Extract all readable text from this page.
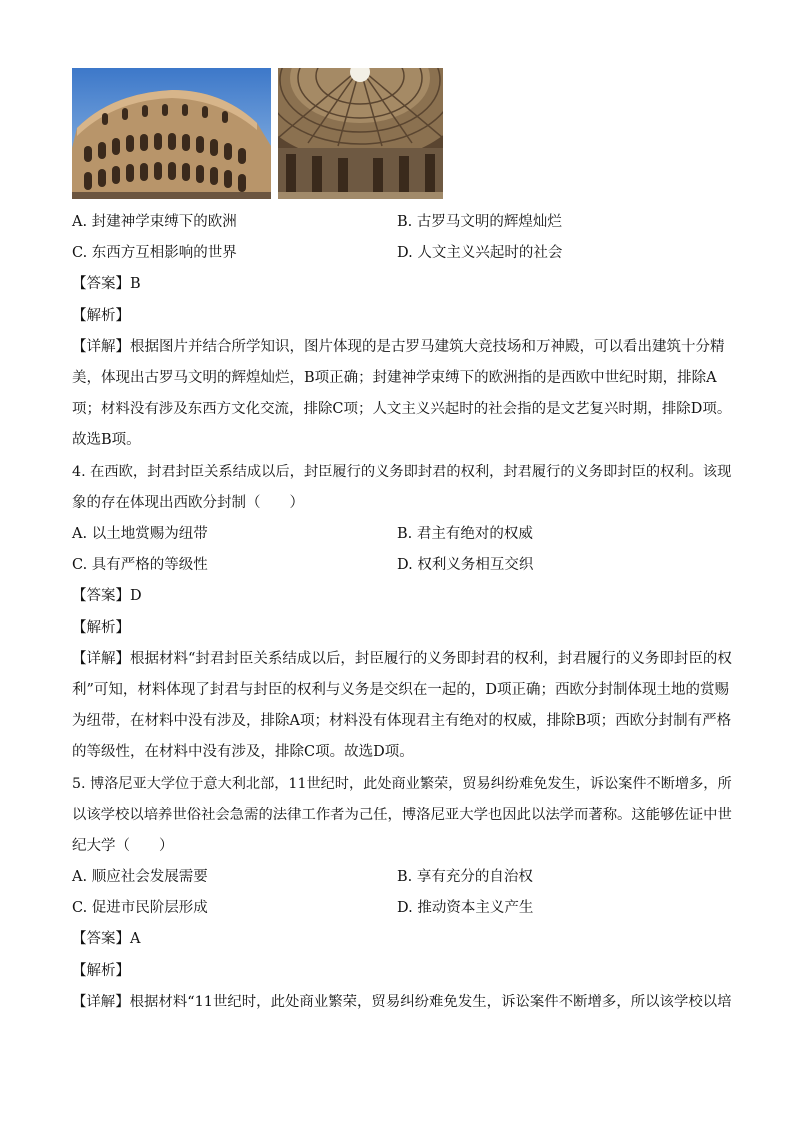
A. 封建神学束缚下的欧洲	B. 古罗马文明的辉煌灿烂
C. 东西方互相影响的世界	D. 人文主义兴起时的社会
【答案】B
【解析】
【详解】根据图片并结合所学知识，图片体现的是古罗马建筑大竞技场和万神殿，可以看出建筑十分精
美，体现出古罗马文明的辉煌灿烂，B项正确；封建神学束缚下的欧洲指的是西欧中世纪时期，排除A
项；材料没有涉及东西方文化交流，排除C项；人文主义兴起时的社会指的是文艺复兴时期，排除D项。
故选B项。
4. 在西欧，封君封臣关系结成以后，封臣履行的义务即封君的权利，封君履行的义务即封臣的权利。该现
象的存在体现出西欧分封制（　　）
A. 以土地赏赐为纽带	B. 君主有绝对的权威
C. 具有严格的等级性	D. 权利义务相互交织
【答案】D
【解析】
【详解】根据材料“封君封臣关系结成以后，封臣履行的义务即封君的权利，封君履行的义务即封臣的权
利”可知，材料体现了封君与封臣的权利与义务是交织在一起的，D项正确；西欧分封制体现土地的赏赐
为纽带，在材料中没有涉及，排除A项；材料没有体现君主有绝对的权威，排除B项；西欧分封制有严格
的等级性，在材料中没有涉及，排除C项。故选D项。
5. 博洛尼亚大学位于意大利北部，11世纪时，此处商业繁荣，贸易纠纷难免发生，诉讼案件不断增多，所
以该学校以培养世俗社会急需的法律工作者为己任，博洛尼亚大学也因此以法学而著称。这能够佐证中世
纪大学（　　）
A. 顺应社会发展需要	B. 享有充分的自治权
C. 促进市民阶层形成	D. 推动资本主义产生
【答案】A
【解析】
【详解】根据材料“11世纪时，此处商业繁荣，贸易纠纷难免发生，诉讼案件不断增多，所以该学校以培
